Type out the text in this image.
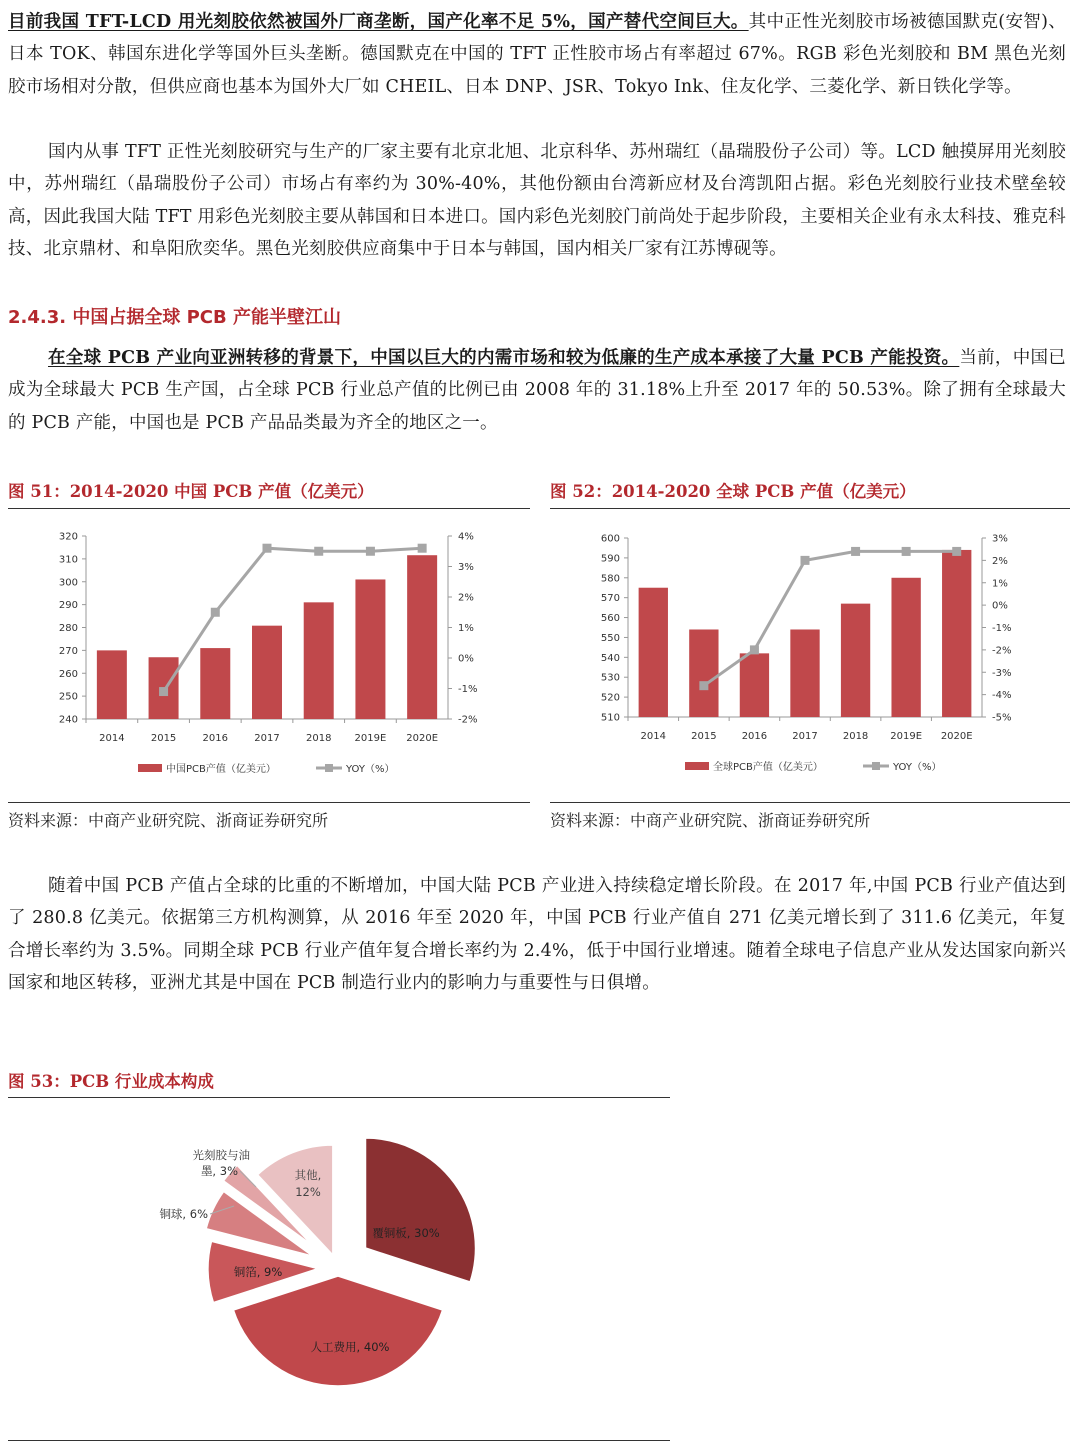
目前我国 TFT-LCD 用光刻胶依然被国外厂商垄断，国产化率不足 5%，国产替代空间巨大。其中正性光刻胶市场被德国默克(安智)、日本 TOK、韩国东进化学等国外巨头垄断。德国默克在中国的 TFT 正性胶市场占有率超过 67%。RGB 彩色光刻胶和 BM 黑色光刻胶市场相对分散，但供应商也基本为国外大厂如 CHEIL、日本 DNP、JSR、Tokyo Ink、住友化学、三菱化学、新日铁化学等。

国内从事 TFT 正性光刻胶研究与生产的厂家主要有北京北旭、北京科华、苏州瑞红（晶瑞股份子公司）等。LCD 触摸屏用光刻胶中，苏州瑞红（晶瑞股份子公司）市场占有率约为 30%-40%，其他份额由台湾新应材及台湾凯阳占据。彩色光刻胶行业技术壁垒较高，因此我国大陆 TFT 用彩色光刻胶主要从韩国和日本进口。国内彩色光刻胶门前尚处于起步阶段，主要相关企业有永太科技、雅克科技、北京鼎材、和阜阳欣奕华。黑色光刻胶供应商集中于日本与韩国，国内相关厂家有江苏博砚等。

2.4.3. 中国占据全球 PCB 产能半壁江山

在全球 PCB 产业向亚洲转移的背景下，中国以巨大的内需市场和较为低廉的生产成本承接了大量 PCB 产能投资。当前，中国已成为全球最大 PCB 生产国，占全球 PCB 行业总产值的比例已由 2008 年的 31.18%上升至 2017 年的 50.53%。除了拥有全球最大的 PCB 产能，中国也是 PCB 产品品类最为齐全的地区之一。

图 51：2014-2020 中国 PCB 产值（亿美元）
320
310
300
290
280
270
260
250
240
4%
3%
2%
1%
0%
-1%
-2%
2014	2015	2016	2017	2018 2019E 2020E
中国PCB产值（亿美元）	YOY（%）
资料来源：中商产业研究院、浙商证券研究所
图 52：2014-2020 全球 PCB 产值（亿美元）
600
590
580
570
560
550
540
530
520
510
3%
2%
1%
0%
-1%
-2%
-3%
-4%
-5%
2014	2015	2016	2017	2018 2019E 2020E
全球PCB产值（亿美元）	YOY（%）
资料来源：中商产业研究院、浙商证券研究所

随着中国 PCB 产值占全球的比重的不断增加，中国大陆 PCB 产业进入持续稳定增长阶段。在 2017 年,中国 PCB 行业产值达到了 280.8 亿美元。依据第三方机构测算，从 2016 年至 2020 年，中国 PCB 行业产值自 271 亿美元增长到了 311.6 亿美元，年复合增长率约为 3.5%。同期全球 PCB 行业产值年复合增长率约为 2.4%，低于中国行业增速。随着全球电子信息产业从发达国家向新兴国家和地区转移，亚洲尤其是中国在 PCB 制造行业内的影响力与重要性与日俱增。

图 53：PCB 行业成本构成
覆铜板, 30%
人工费用, 40%
铜箔, 9%
铜球, 6%
光刻胶与油
墨, 3%	其他,
12%
